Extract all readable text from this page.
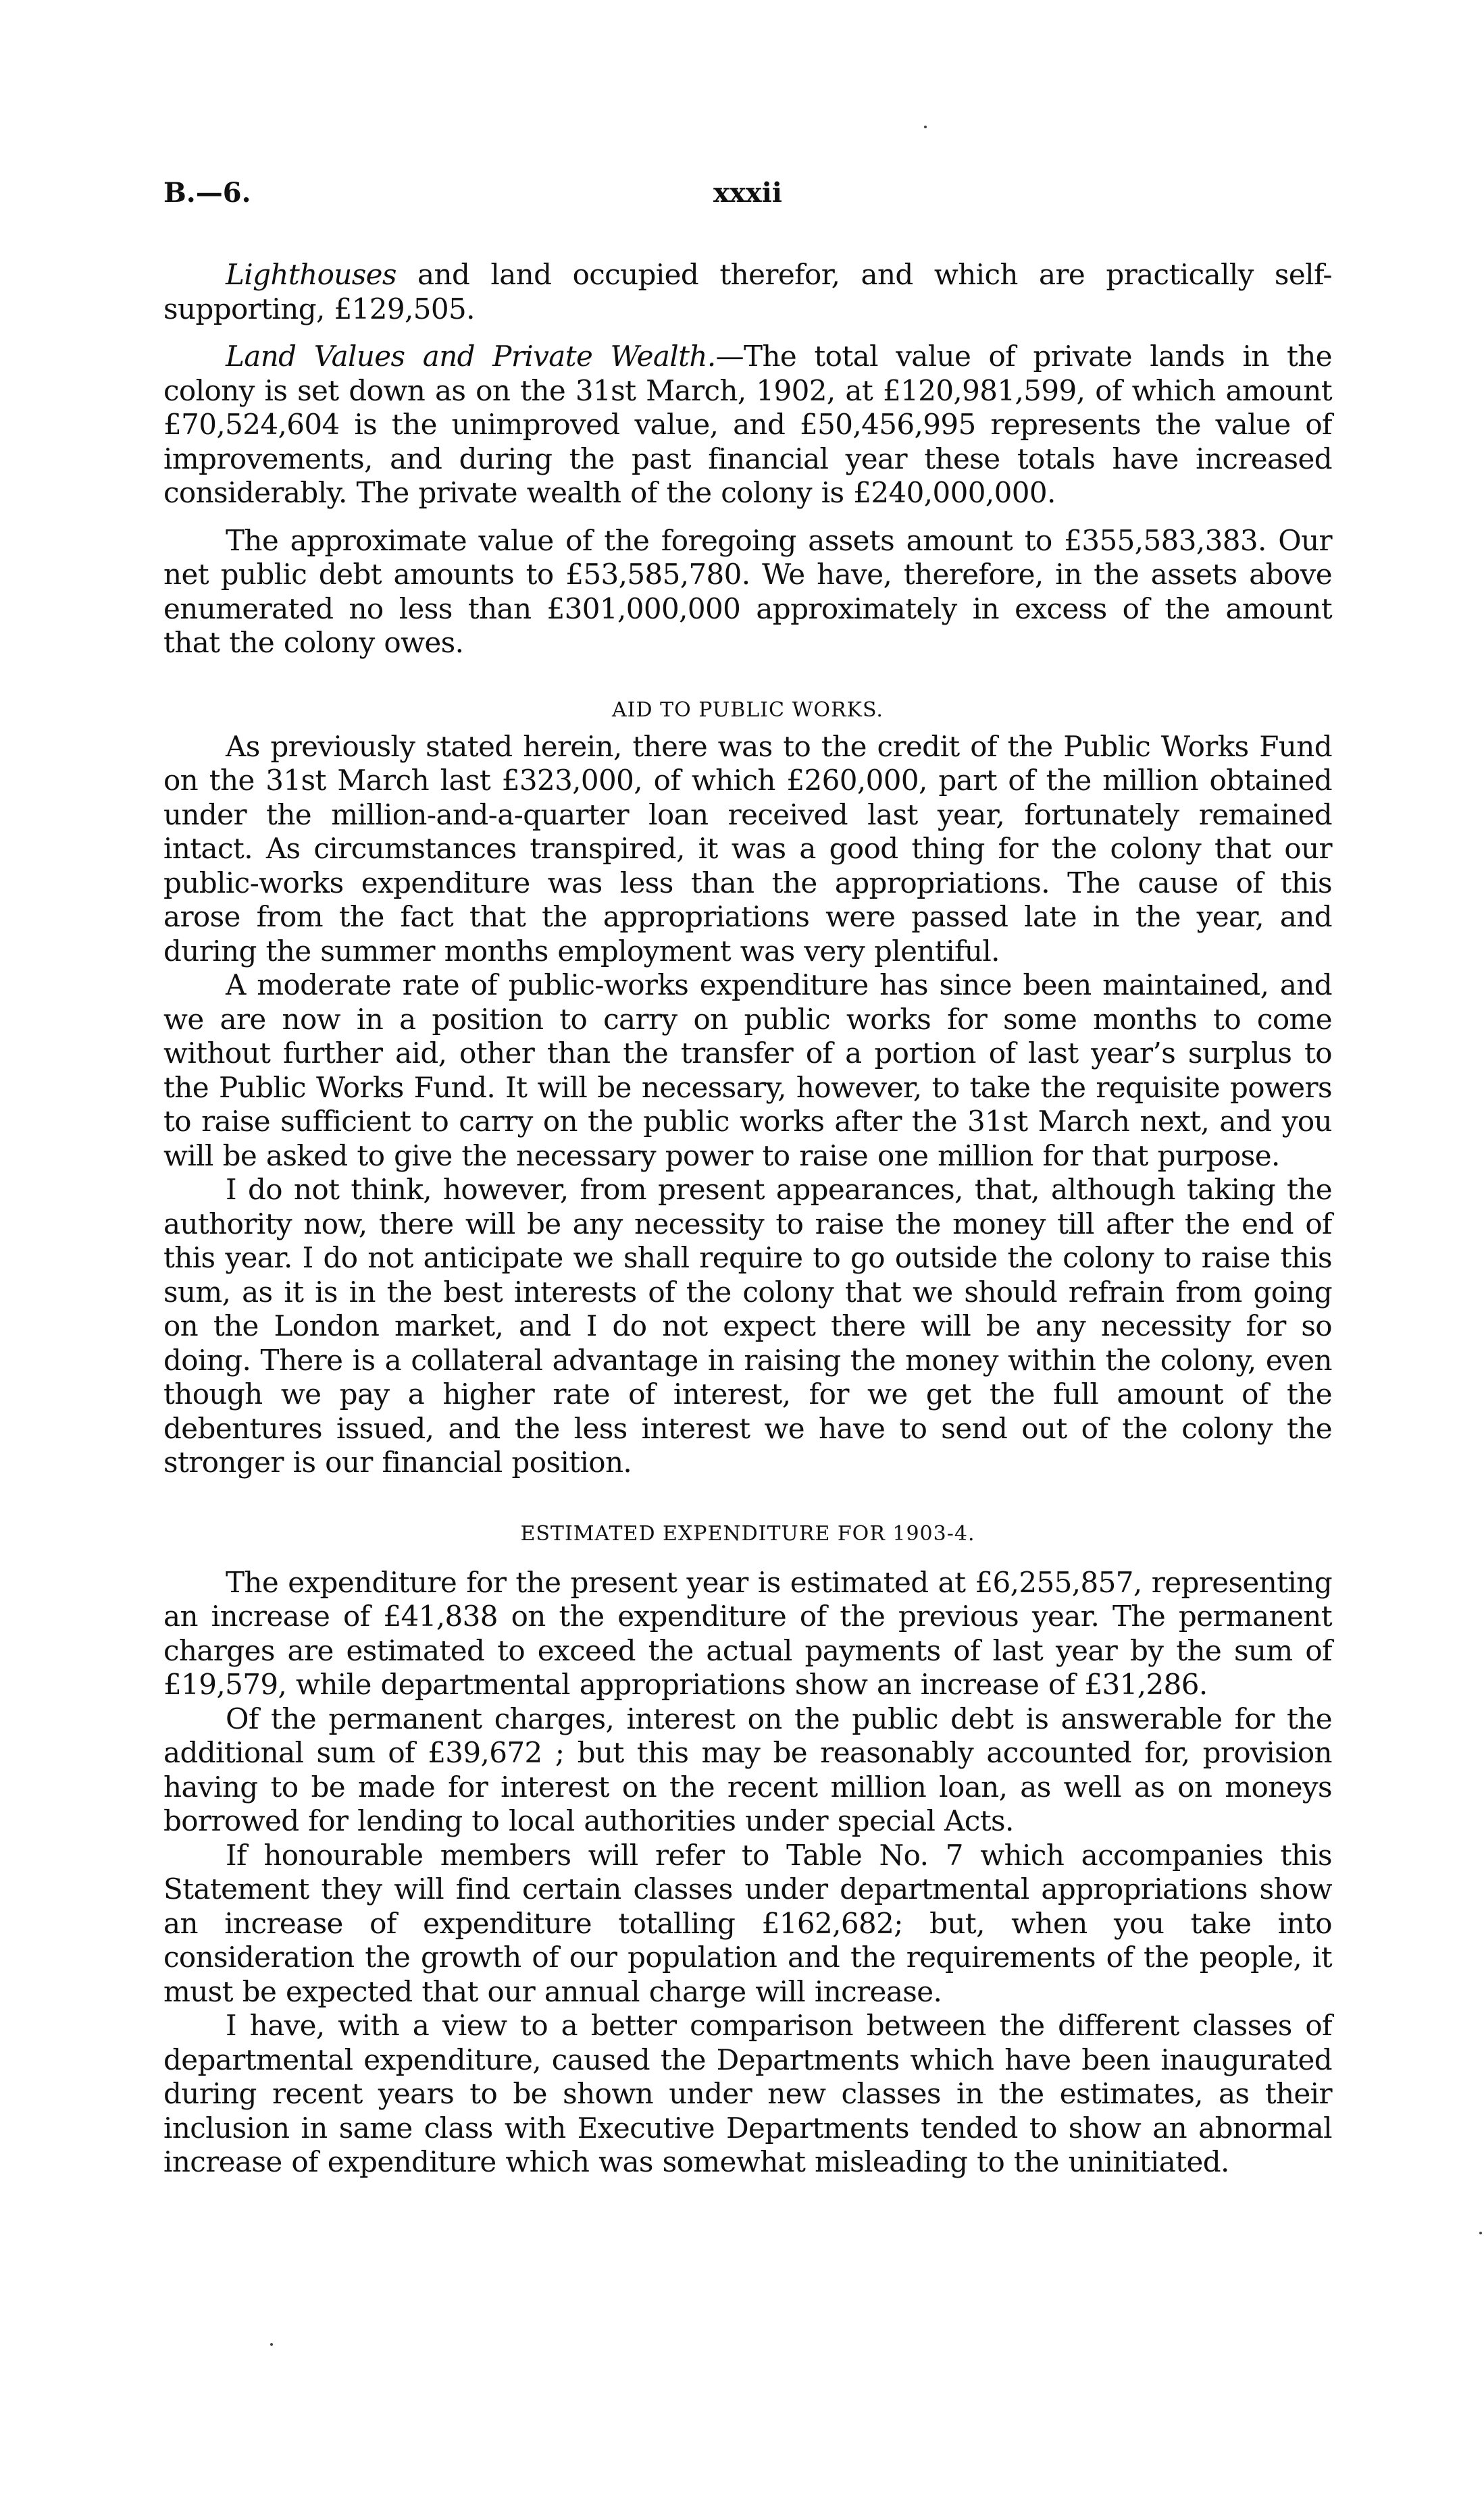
B.—6.	xxxii

Lighthouses and land occupied therefor, and which are practically self-supporting, £129,505.

Land Values and Private Wealth.—The total value of private lands in the colony is set down as on the 31st March, 1902, at £120,981,599, of which amount £70,524,604 is the unimproved value, and £50,456,995 represents the value of improvements, and during the past financial year these totals have increased considerably. The private wealth of the colony is £240,000,000.

The approximate value of the foregoing assets amount to £355,583,383. Our net public debt amounts to £53,585,780. We have, therefore, in the assets above enumerated no less than £301,000,000 approximately in excess of the amount that the colony owes.

AID TO PUBLIC WORKS.

As previously stated herein, there was to the credit of the Public Works Fund on the 31st March last £323,000, of which £260,000, part of the million obtained under the million-and-a-quarter loan received last year, fortunately remained intact. As circumstances transpired, it was a good thing for the colony that our public-works expenditure was less than the appropriations. The cause of this arose from the fact that the appropriations were passed late in the year, and during the summer months employment was very plentiful.

A moderate rate of public-works expenditure has since been maintained, and we are now in a position to carry on public works for some months to come without further aid, other than the transfer of a portion of last year’s surplus to the Public Works Fund. It will be necessary, however, to take the requisite powers to raise sufficient to carry on the public works after the 31st March next, and you will be asked to give the necessary power to raise one million for that purpose.

I do not think, however, from present appearances, that, although taking the authority now, there will be any necessity to raise the money till after the end of this year. I do not anticipate we shall require to go outside the colony to raise this sum, as it is in the best interests of the colony that we should refrain from going on the London market, and I do not expect there will be any necessity for so doing. There is a collateral advantage in raising the money within the colony, even though we pay a higher rate of interest, for we get the full amount of the debentures issued, and the less interest we have to send out of the colony the stronger is our financial position.

ESTIMATED EXPENDITURE FOR 1903-4.

The expenditure for the present year is estimated at £6,255,857, representing an increase of £41,838 on the expenditure of the previous year. The permanent charges are estimated to exceed the actual payments of last year by the sum of £19,579, while departmental appropriations show an increase of £31,286.

Of the permanent charges, interest on the public debt is answerable for the additional sum of £39,672 ; but this may be reasonably accounted for, provision having to be made for interest on the recent million loan, as well as on moneys borrowed for lending to local authorities under special Acts.

If honourable members will refer to Table No. 7 which accompanies this Statement they will find certain classes under departmental appropriations show an increase of expenditure totalling £162,682; but, when you take into consideration the growth of our population and the requirements of the people, it must be expected that our annual charge will increase.

I have, with a view to a better comparison between the different classes of departmental expenditure, caused the Departments which have been inaugurated during recent years to be shown under new classes in the estimates, as their inclusion in same class with Executive Departments tended to show an abnormal increase of expenditure which was somewhat misleading to the uninitiated.
